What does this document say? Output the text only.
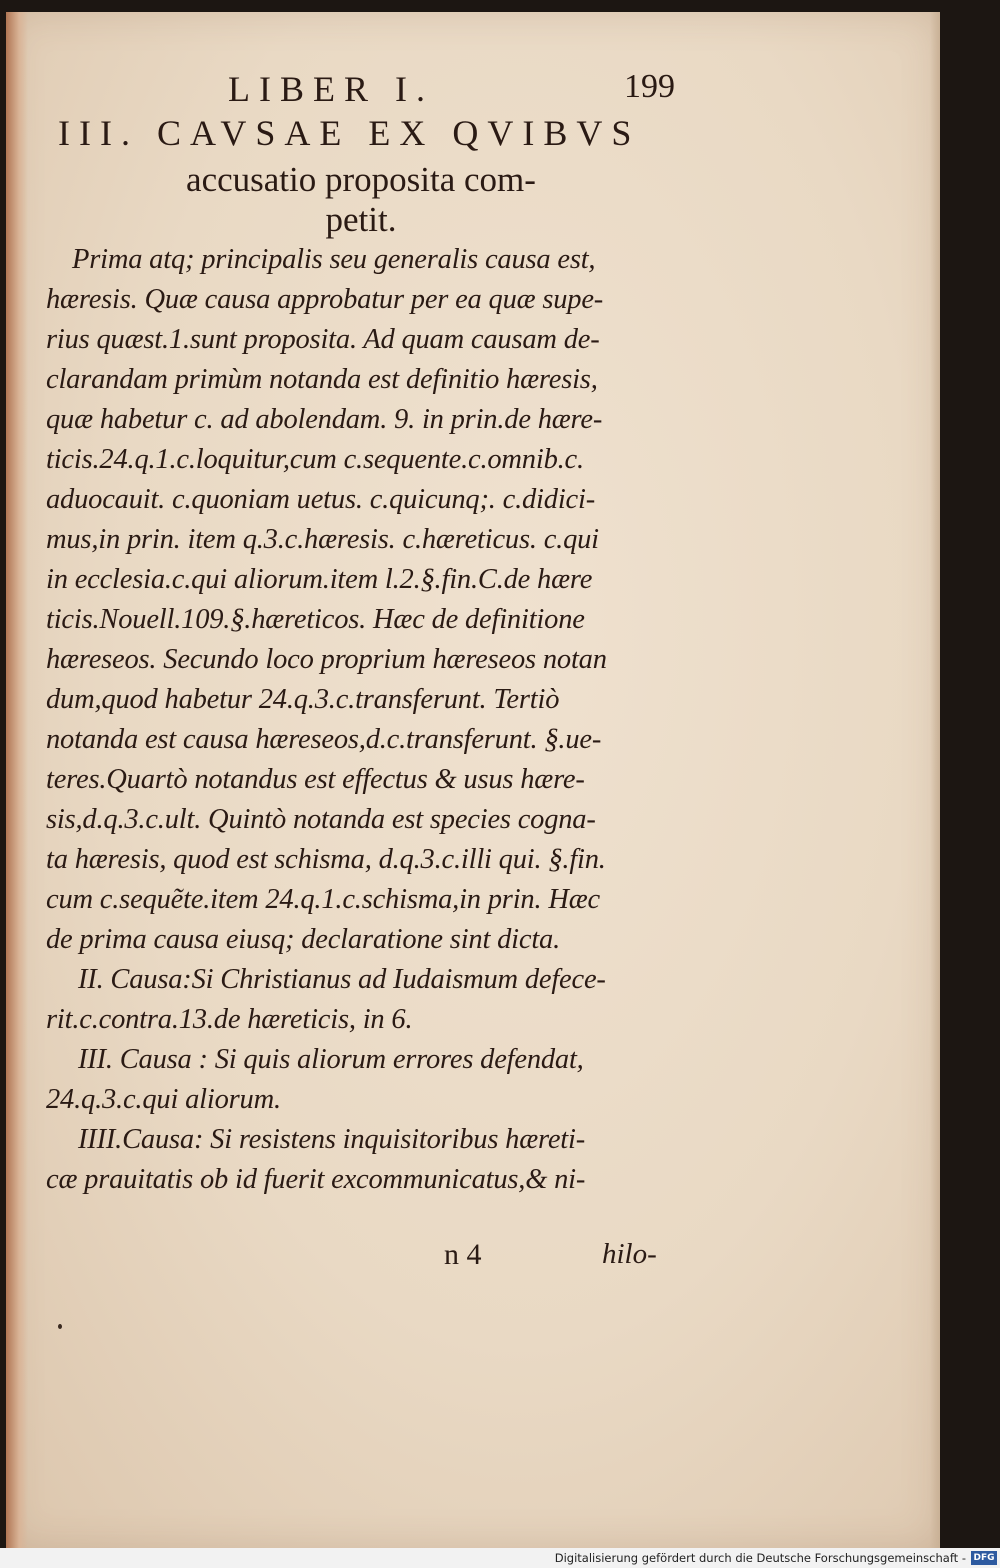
LIBER I.	199
III. CAVSAE EX QVIBVS
accusatio proposita com-
petit.
Prima atq; principalis seu generalis causa est,
hæresis. Quæ causa approbatur per ea quæ supe-
rius quæst.1.sunt proposita. Ad quam causam de-
clarandam primùm notanda est definitio hæresis,
quæ habetur c. ad abolendam. 9. in prin.de hære-
ticis.24.q.1.c.loquitur,cum c.sequente.c.omnib.c.
aduocauit. c.quoniam uetus. c.quicunq;. c.didici-
mus,in prin. item q.3.c.hæresis. c.hæreticus. c.qui
in ecclesia.c.qui aliorum.item l.2.§.fin.C.de hære
ticis.Nouell.109.§.hæreticos. Hæc de definitione
hæreseos. Secundo loco proprium hæreseos notan
dum,quod habetur 24.q.3.c.transferunt. Tertiò
notanda est causa hæreseos,d.c.transferunt. §.ue-
teres.Quartò notandus est effectus & usus hære-
sis,d.q.3.c.ult. Quintò notanda est species cogna-
ta hæresis, quod est schisma, d.q.3.c.illi qui. §.fin.
cum c.sequẽte.item 24.q.1.c.schisma,in prin. Hæc
de prima causa eiusq; declaratione sint dicta.
II. Causa:Si Christianus ad Iudaismum defece-
rit.c.contra.13.de hæreticis, in 6.
III. Causa : Si quis aliorum errores defendat,
24.q.3.c.qui aliorum.
IIII.Causa: Si resistens inquisitoribus hæreti-
cæ prauitatis ob id fuerit excommunicatus,& ni-
n 4	hilo-
Digitalisierung gefördert durch die Deutsche Forschungsgemeinschaft - DFG
